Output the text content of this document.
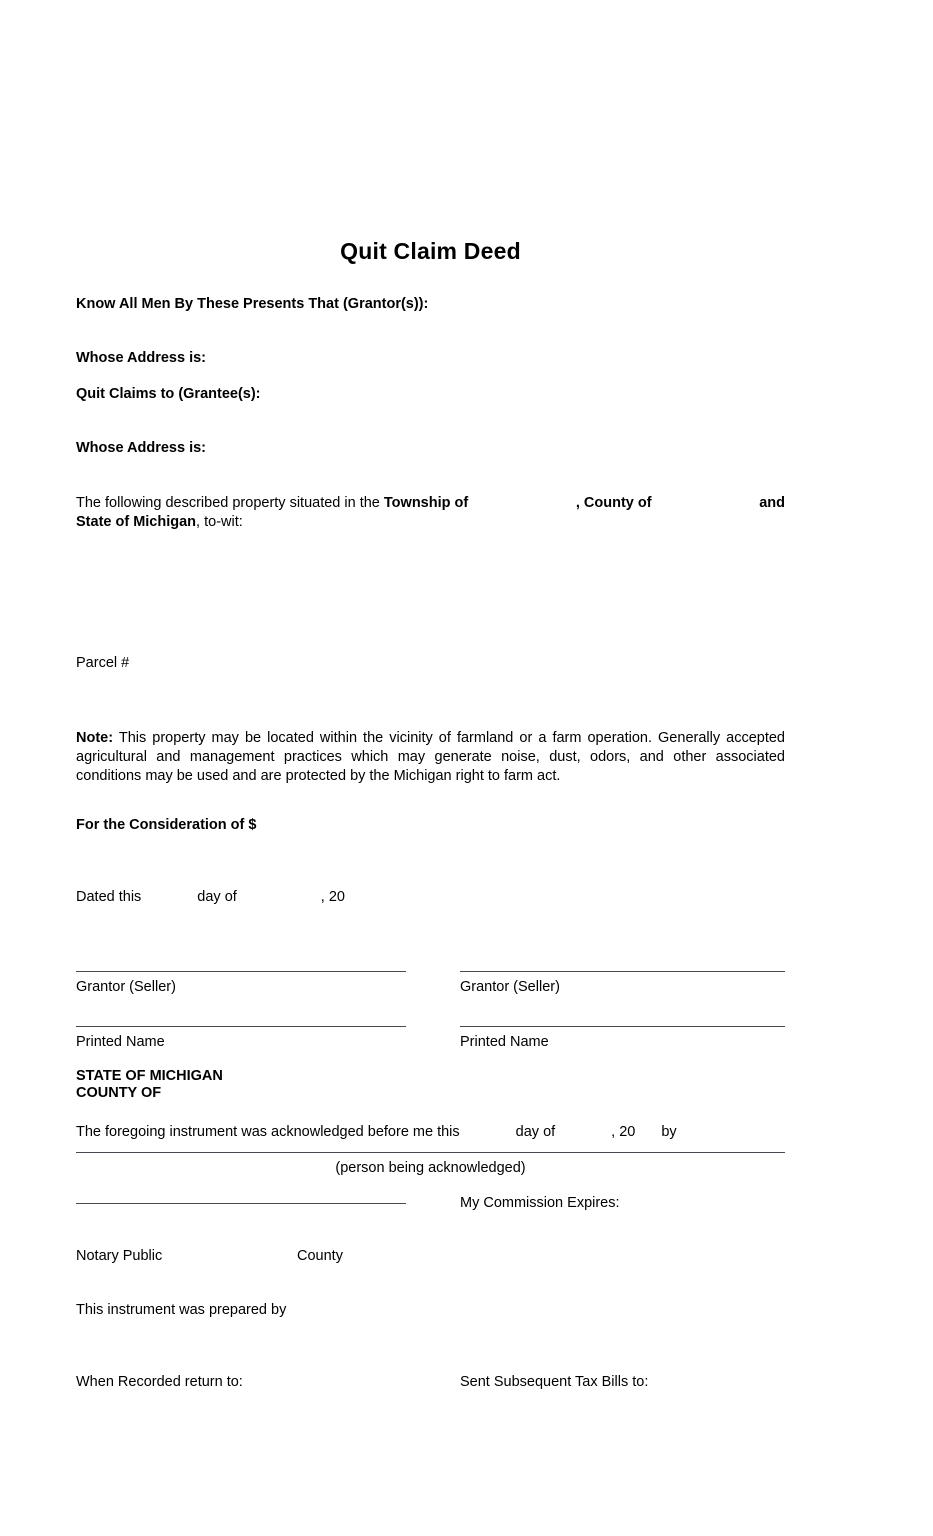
Quit Claim Deed
Know All Men By These Presents That (Grantor(s)):
Whose Address is:
Quit Claims to (Grantee(s):
Whose Address is:
The following described property situated in the Township of	, County of	and
State of Michigan, to-wit:
Parcel #
Note: This property may be located within the vicinity of farmland or a farm operation. Generally accepted agricultural and management practices which may generate noise, dust, odors, and other associated conditions may be used and are protected by the Michigan right to farm act.
For the Consideration of $
Dated this	day of	, 20
Grantor (Seller)	Grantor (Seller)
Printed Name	Printed Name
STATE OF MICHIGAN
COUNTY OF
The foregoing instrument was acknowledged before me this	day of	, 20 by
(person being acknowledged)
My Commission Expires:
Notary Public	County
This instrument was prepared by
When Recorded return to:	Sent Subsequent Tax Bills to:
